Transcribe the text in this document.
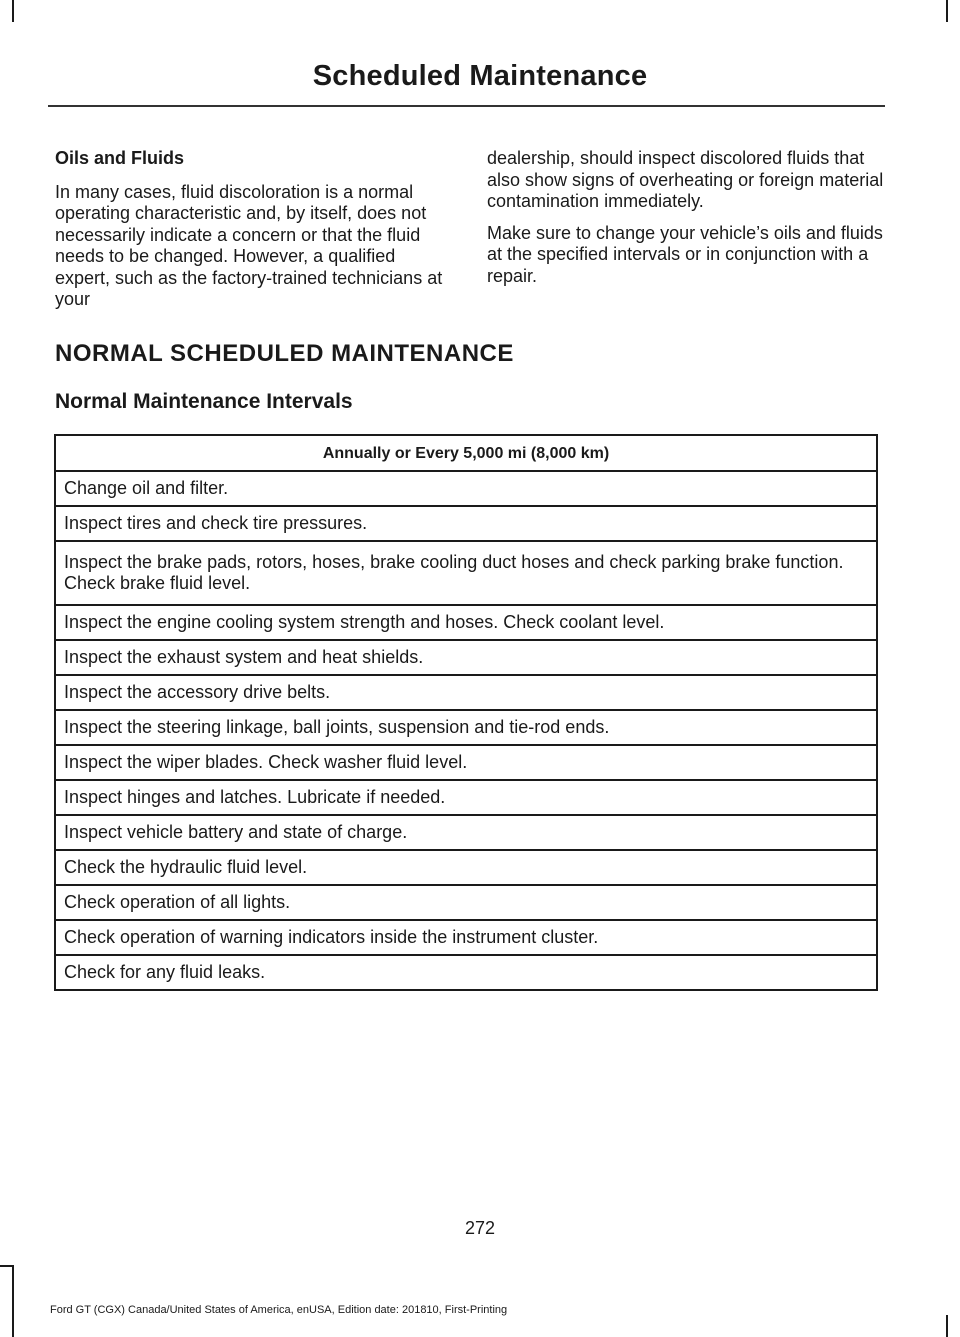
Scheduled Maintenance

Oils and Fluids

In many cases, fluid discoloration is a normal operating characteristic and, by itself, does not necessarily indicate a concern or that the fluid needs to be changed. However, a qualified expert, such as the factory-trained technicians at your

dealership, should inspect discolored fluids that also show signs of overheating or foreign material contamination immediately.

Make sure to change your vehicle’s oils and fluids at the specified intervals or in conjunction with a repair.

NORMAL SCHEDULED MAINTENANCE
Normal Maintenance Intervals
Annually or Every 5,000 mi (8,000 km)
Change oil and filter.
Inspect tires and check tire pressures.
Inspect the brake pads, rotors, hoses, brake cooling duct hoses and check parking brake function. Check brake fluid level.
Inspect the engine cooling system strength and hoses. Check coolant level.
Inspect the exhaust system and heat shields.
Inspect the accessory drive belts.
Inspect the steering linkage, ball joints, suspension and tie-rod ends.
Inspect the wiper blades. Check washer fluid level.
Inspect hinges and latches. Lubricate if needed.
Inspect vehicle battery and state of charge.
Check the hydraulic fluid level.
Check operation of all lights.
Check operation of warning indicators inside the instrument cluster.
Check for any fluid leaks.
272
Ford GT (CGX) Canada/United States of America, enUSA, Edition date: 201810, First-Printing
